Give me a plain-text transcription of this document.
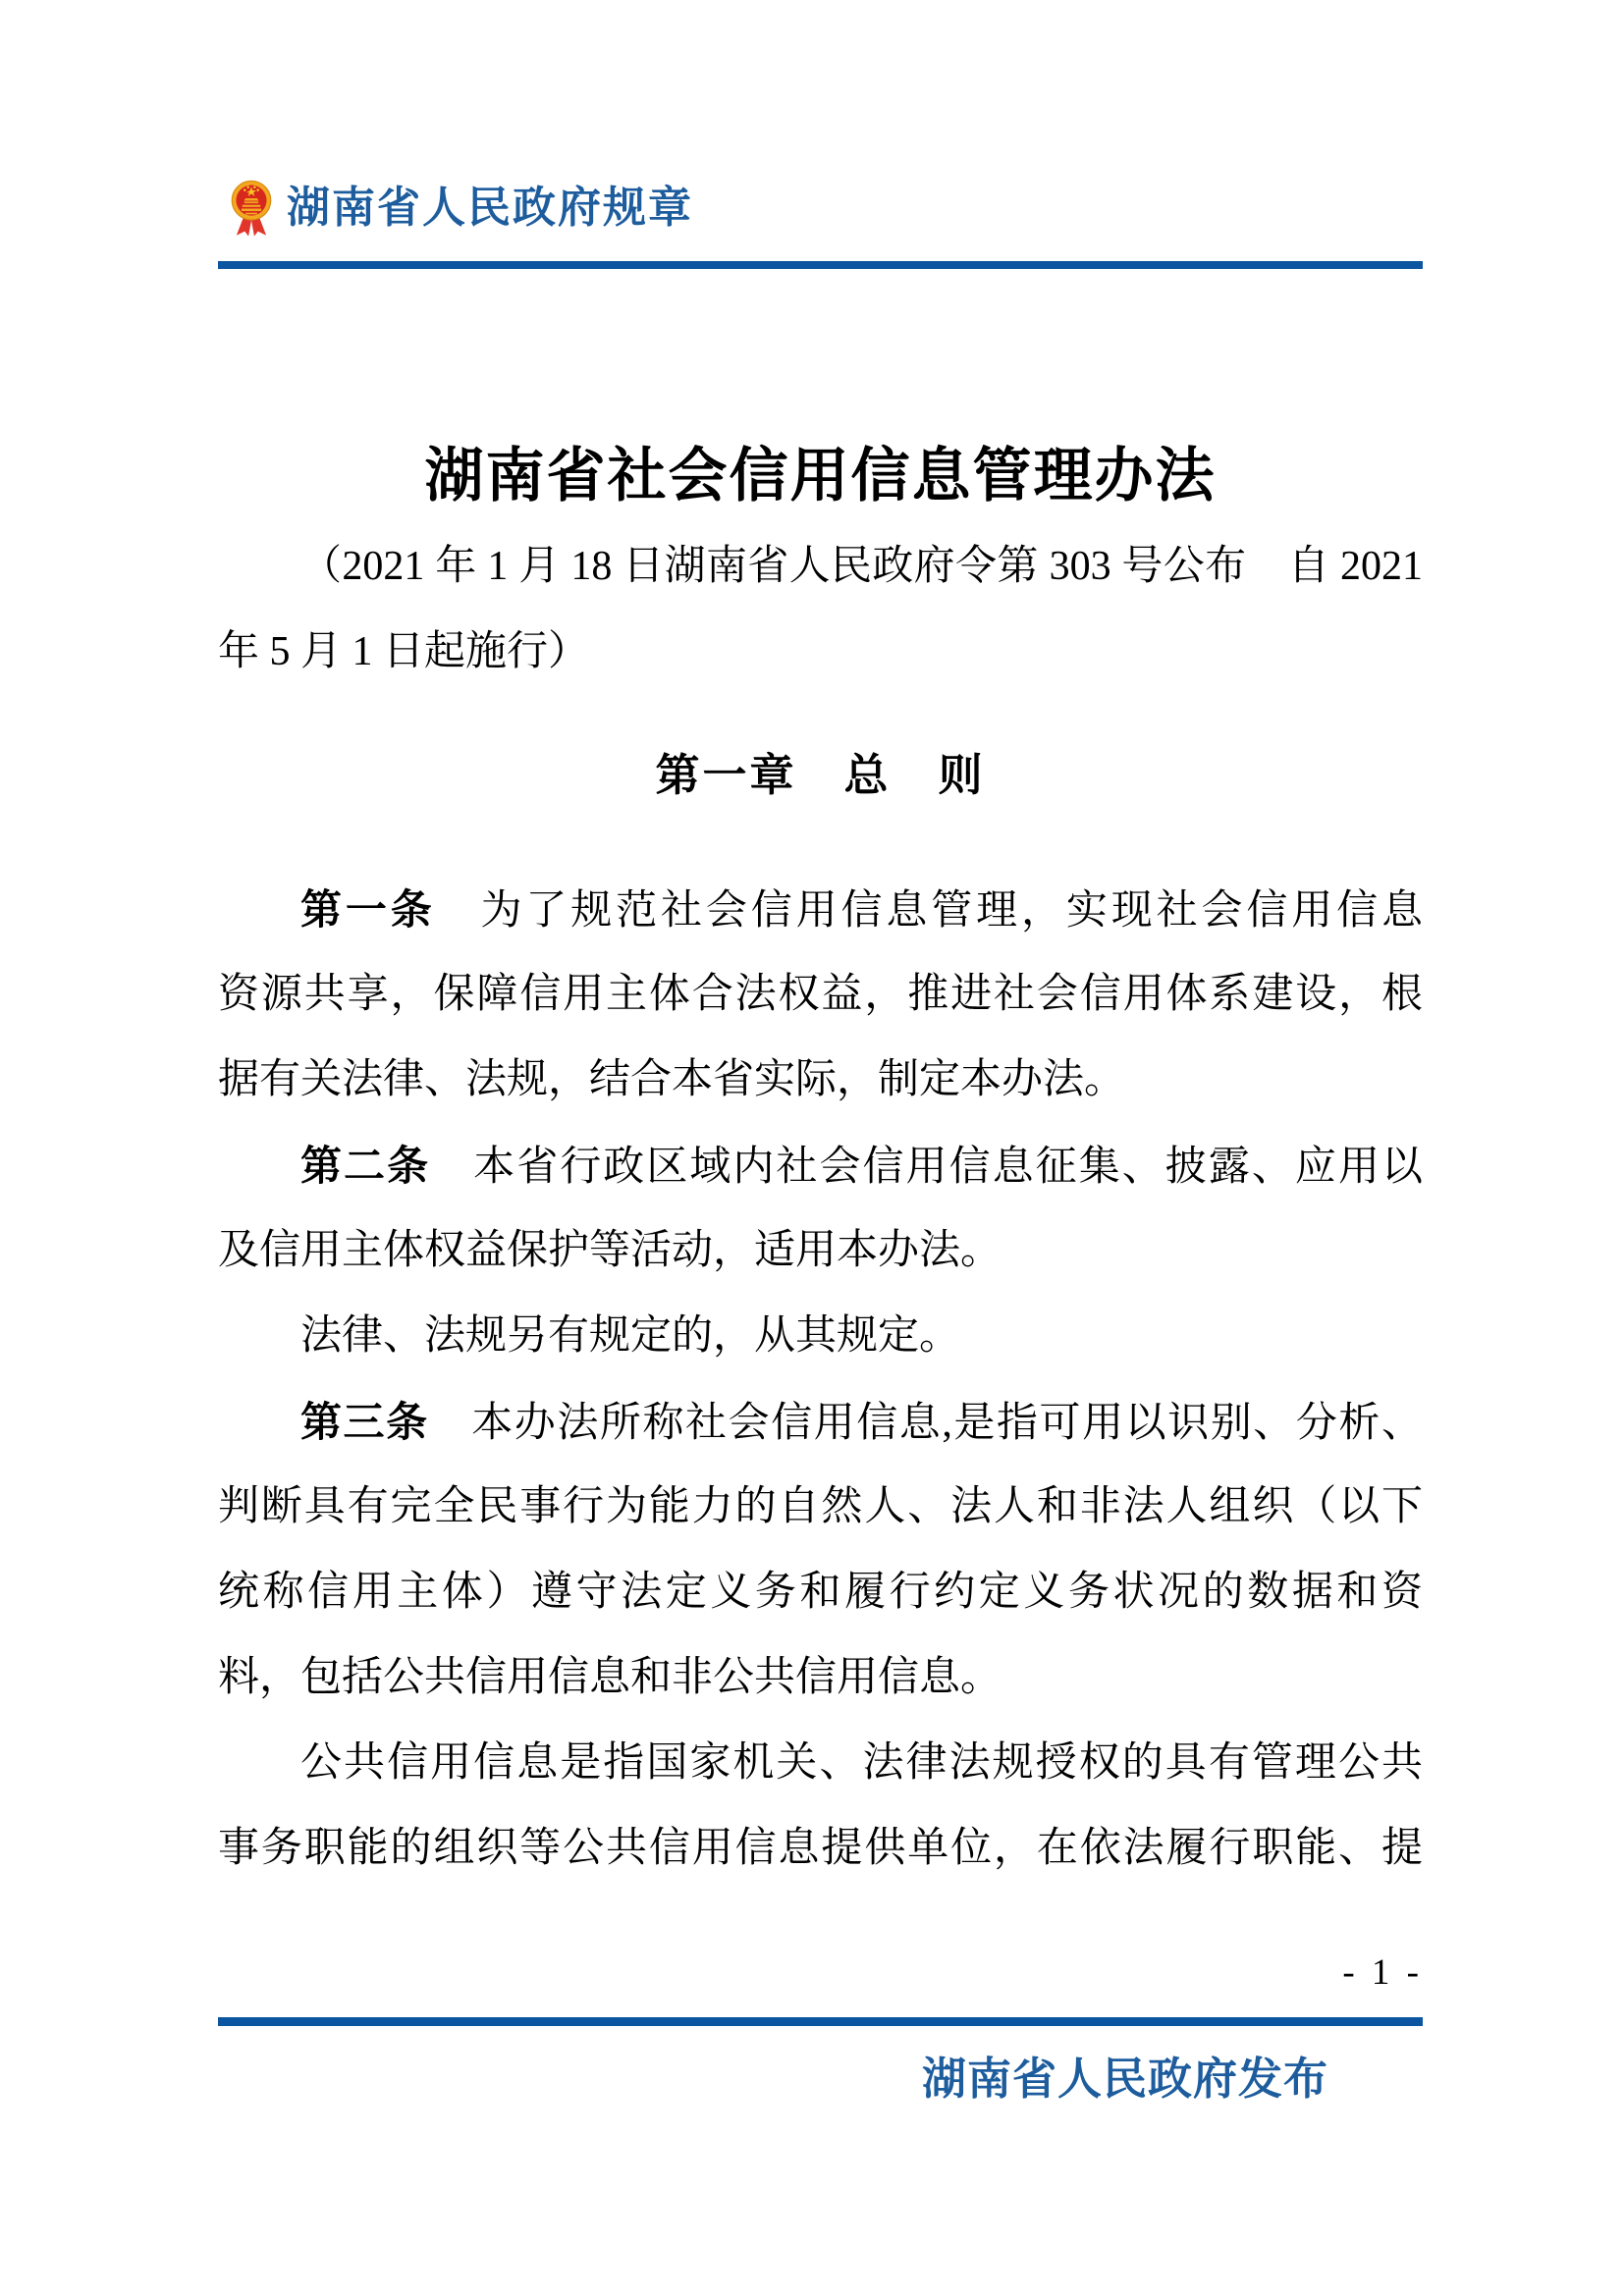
湖南省人民政府规章
湖南省社会信用信息管理办法
（2021 年 1 月 18 日湖南省人民政府令第 303 号公布　自 2021
年 5 月 1 日起施行）
第一章　总　则
第一条　为了规范社会信用信息管理，实现社会信用信息
资源共享，保障信用主体合法权益，推进社会信用体系建设，根
据有关法律、法规，结合本省实际，制定本办法。
第二条　本省行政区域内社会信用信息征集、披露、应用以
及信用主体权益保护等活动，适用本办法。
法律、法规另有规定的，从其规定。
第三条　本办法所称社会信用信息,是指可用以识别、分析、
判断具有完全民事行为能力的自然人、法人和非法人组织（以下
统称信用主体）遵守法定义务和履行约定义务状况的数据和资
料，包括公共信用信息和非公共信用信息。
公共信用信息是指国家机关、法律法规授权的具有管理公共
事务职能的组织等公共信用信息提供单位，在依法履行职能、提
- 1 -
湖南省人民政府发布
